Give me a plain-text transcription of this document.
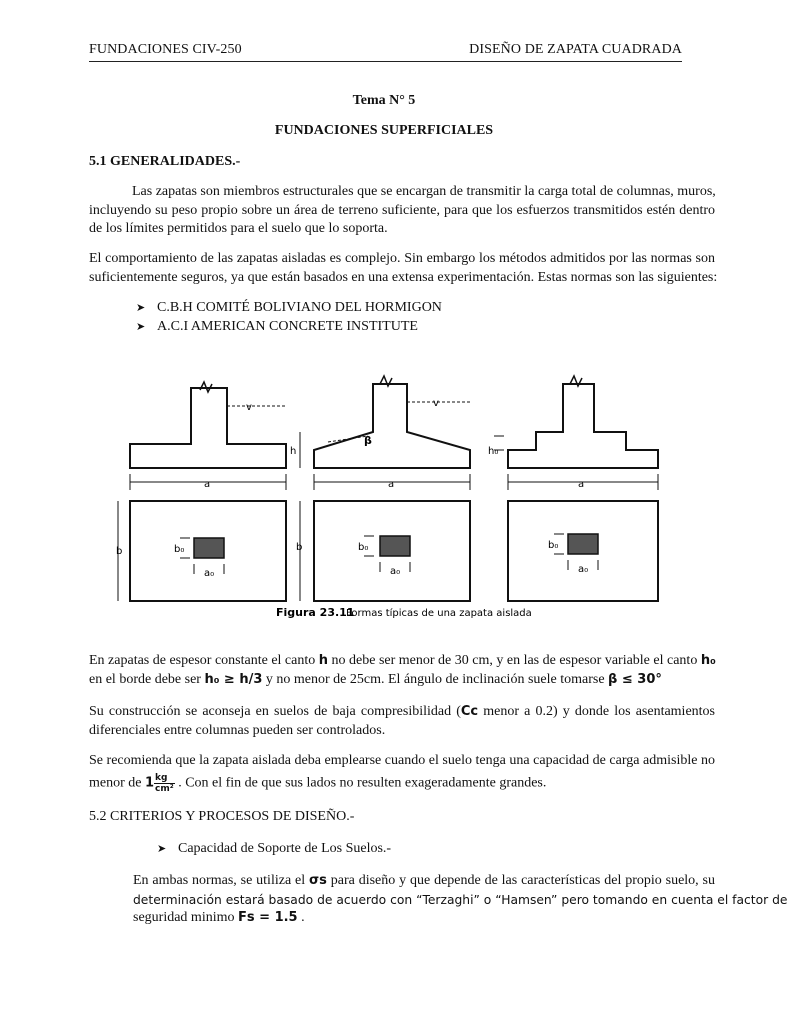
FUNDACIONES CIV-250	DISEÑO DE ZAPATA CUADRADA
Tema N° 5
FUNDACIONES SUPERFICIALES
5.1 GENERALIDADES.-
Las zapatas son miembros estructurales que se encargan de transmitir la carga total de columnas, muros,
incluyendo su peso propio sobre un área de terreno suficiente, para que los esfuerzos transmitidos estén dentro
de los límites permitidos para el suelo que lo soporta.
El comportamiento de las zapatas aisladas es complejo. Sin embargo los métodos admitidos por las normas son
suficientemente seguros, ya que están basados en una extensa experimentación. Estas normas son las siguientes:
➤ C.B.H COMITÉ BOLIVIANO DEL HORMIGON
➤ A.C.I AMERICAN CONCRETE INSTITUTE
v
a
b₀
a₀
b
v
h
β
a
b₀
a₀
b
h₀
a
b₀
a₀
Figura 23.11
Formas típicas de una zapata aislada
En zapatas de espesor constante el canto h no debe ser menor de 30 cm, y en las de espesor variable el canto h₀
en el borde debe ser h₀ ≥ h/3 y no menor de 25cm. El ángulo de inclinación suele tomarse β ≤ 30°
Su construcción se aconseja en suelos de baja compresibilidad (Cc menor a 0.2) y donde los asentamientos
diferenciales entre columnas pueden ser controlados.
Se recomienda que la zapata aislada deba emplearse cuando el suelo tenga una capacidad de carga admisible no
menor de $1 \frac{kg}{\text{cm²}}$ . Con el fin de que sus lados no resulten exageradamente grandes.
5.2 CRITERIOS Y PROCESOS DE DISEÑO.-
➤ Capacidad de Soporte de Los Suelos.-
En ambas normas, se utiliza el σs para diseño y que depende de las características del propio suelo, su
determinación estará basado de acuerdo con “Terzaghi” o “Hamsen” pero tomando en cuenta el factor de
seguridad minimo Fs = 1.5 .
